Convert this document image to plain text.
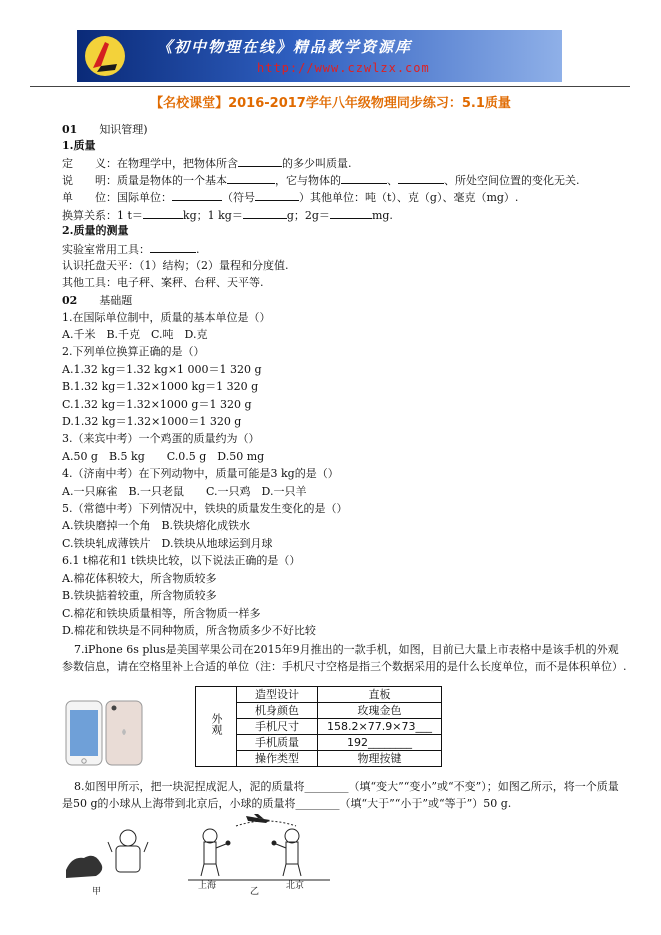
《初中物理在线》精品教学资源库
http://www.czwlzx.com
【名校课堂】2016-2017学年八年级物理同步练习：5.1质量
01　　 知识管理)
1.质量
定　　义：在物理学中，把物体所含	的多少叫质量.
说　　明：质量是物体的一个基本	，它与物体的	、	、所处空间位置的变化无关.
单　　位：国际单位：	（符号	）其他单位：吨（t）、克（g）、毫克（mg）.
换算关系：1 t＝	kg；1 kg＝	g；2g＝	mg.
2.质量的测量
实验室常用工具：	.
认识托盘天平：（1）结构；（2）量程和分度值.
其他工具：电子秤、案秤、台秤、天平等.
02　　 基础题
1.在国际单位制中，质量的基本单位是（）
A.千米　B.千克　C.吨　D.克
2.下列单位换算正确的是（）
A.1.32 kg＝1.32 kg×1 000＝1 320 g
B.1.32 kg＝1.32×1000 kg＝1 320 g
C.1.32 kg＝1.32×1000 g＝1 320 g
D.1.32 kg＝1.32×1000＝1 320 g
3.（来宾中考）一个鸡蛋的质量约为（）
A.50 g　B.5 kg　　C.0.5 g　D.50 mg
4.（济南中考）在下列动物中，质量可能是3 kg的是（）
A.一只麻雀　B.一只老鼠　　C.一只鸡　D.一只羊
5.（常德中考）下列情况中，铁块的质量发生变化的是（）
A.铁块磨掉一个角　B.铁块熔化成铁水
C.铁块轧成薄铁片　D.铁块从地球运到月球
6.1 t棉花和1 t铁块比较，以下说法正确的是（）
A.棉花体积较大，所含物质较多
B.铁块掂着较重，所含物质较多
C.棉花和铁块质量相等，所含物质一样多
D.棉花和铁块是不同种物质，所含物质多少不好比较
7.iPhone 6s plus是美国苹果公司在2015年9月推出的一款手机，如图，目前已大量上市表格中是该手机的外观参数信息，请在空格里补上合适的单位（注：手机尺寸空格是指三个数据采用的是什么长度单位，而不是体积单位）.
外观	造型设计	直板
	机身颜色	玫瑰金色
	手机尺寸	158.2×77.9×73___
	手机质量	192________
	操作类型	物理按键
8.如图甲所示，把一块泥捏成泥人，泥的质量将________（填“变大”“变小”或“不变”）；如图乙所示，将一个质量是50 g的小球从上海带到北京后，小球的质量将________（填“大于”“小于”或“等于”）50 g.
甲
上海
乙
北京
